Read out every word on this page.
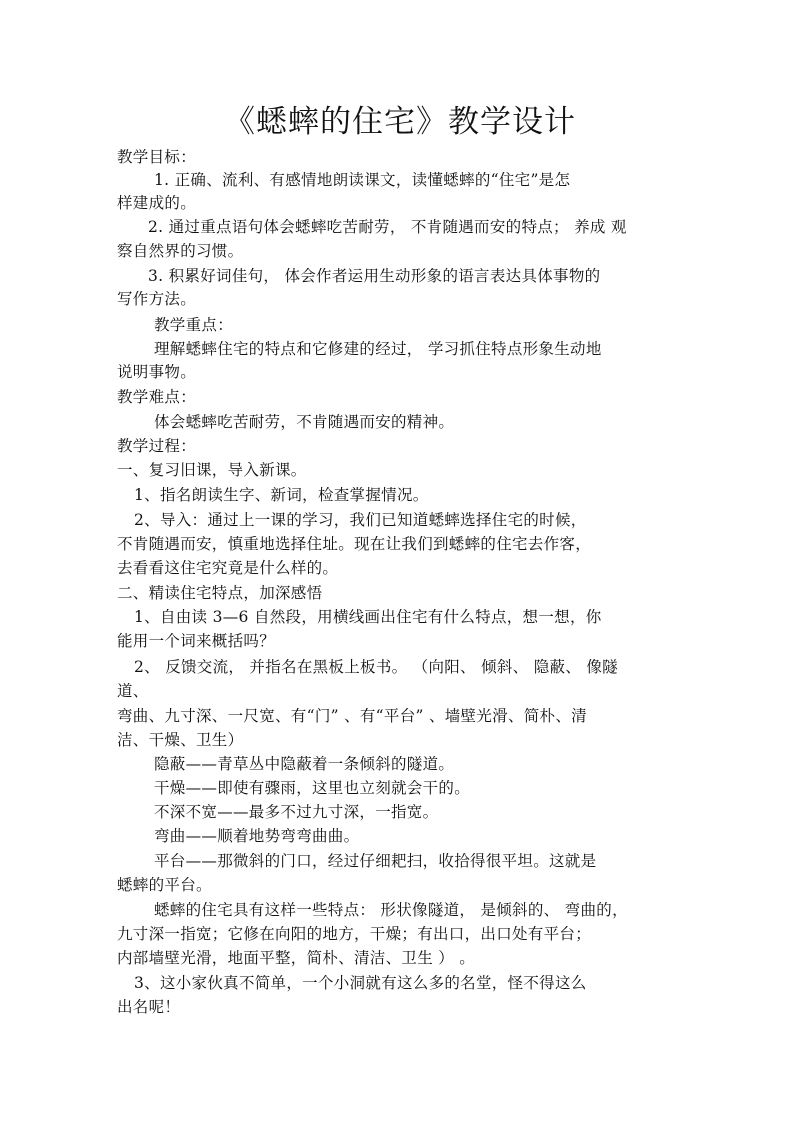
《蟋蟀的住宅》教学设计
教学目标：
1. 正确、流利、有感情地朗读课文，读懂蟋蟀的“住宅”是怎
样建成的。
2. 通过重点语句体会蟋蟀吃苦耐劳， 不肯随遇而安的特点； 养成 观
察自然界的习惯。
3. 积累好词佳句， 体会作者运用生动形象的语言表达具体事物的
写作方法。
教学重点：
理解蟋蟀住宅的特点和它修建的经过， 学习抓住特点形象生动地
说明事物。
教学难点：
体会蟋蟀吃苦耐劳，不肯随遇而安的精神。
教学过程：
一、复习旧课，导入新课。
1、指名朗读生字、新词，检查掌握情况。
2、导入：通过上一课的学习，我们已知道蟋蟀选择住宅的时候，
不肯随遇而安，慎重地选择住址。现在让我们到蟋蟀的住宅去作客，
去看看这住宅究竟是什么样的。
二、精读住宅特点，加深感悟
1、自由读 3—6 自然段，用横线画出住宅有什么特点，想一想，你
能用一个词来概括吗？
2、 反馈交流， 并指名在黑板上板书。 （向阳、 倾斜、 隐蔽、 像隧
道、
弯曲、九寸深、一尺宽、有“门” 、有“平台” 、墙壁光滑、简朴、清
洁、干燥、卫生）
隐蔽——青草丛中隐蔽着一条倾斜的隧道。
干燥——即使有骤雨，这里也立刻就会干的。
不深不宽——最多不过九寸深，一指宽。
弯曲——顺着地势弯弯曲曲。
平台——那微斜的门口，经过仔细耙扫，收拾得很平坦。这就是
蟋蟀的平台。
蟋蟀的住宅具有这样一些特点： 形状像隧道， 是倾斜的、 弯曲的，
九寸深一指宽；它修在向阳的地方，干燥；有出口，出口处有平台；
内部墙壁光滑，地面平整，简朴、清洁、卫生 ） 。
3、这小家伙真不简单，一个小洞就有这么多的名堂，怪不得这么
出名呢！
